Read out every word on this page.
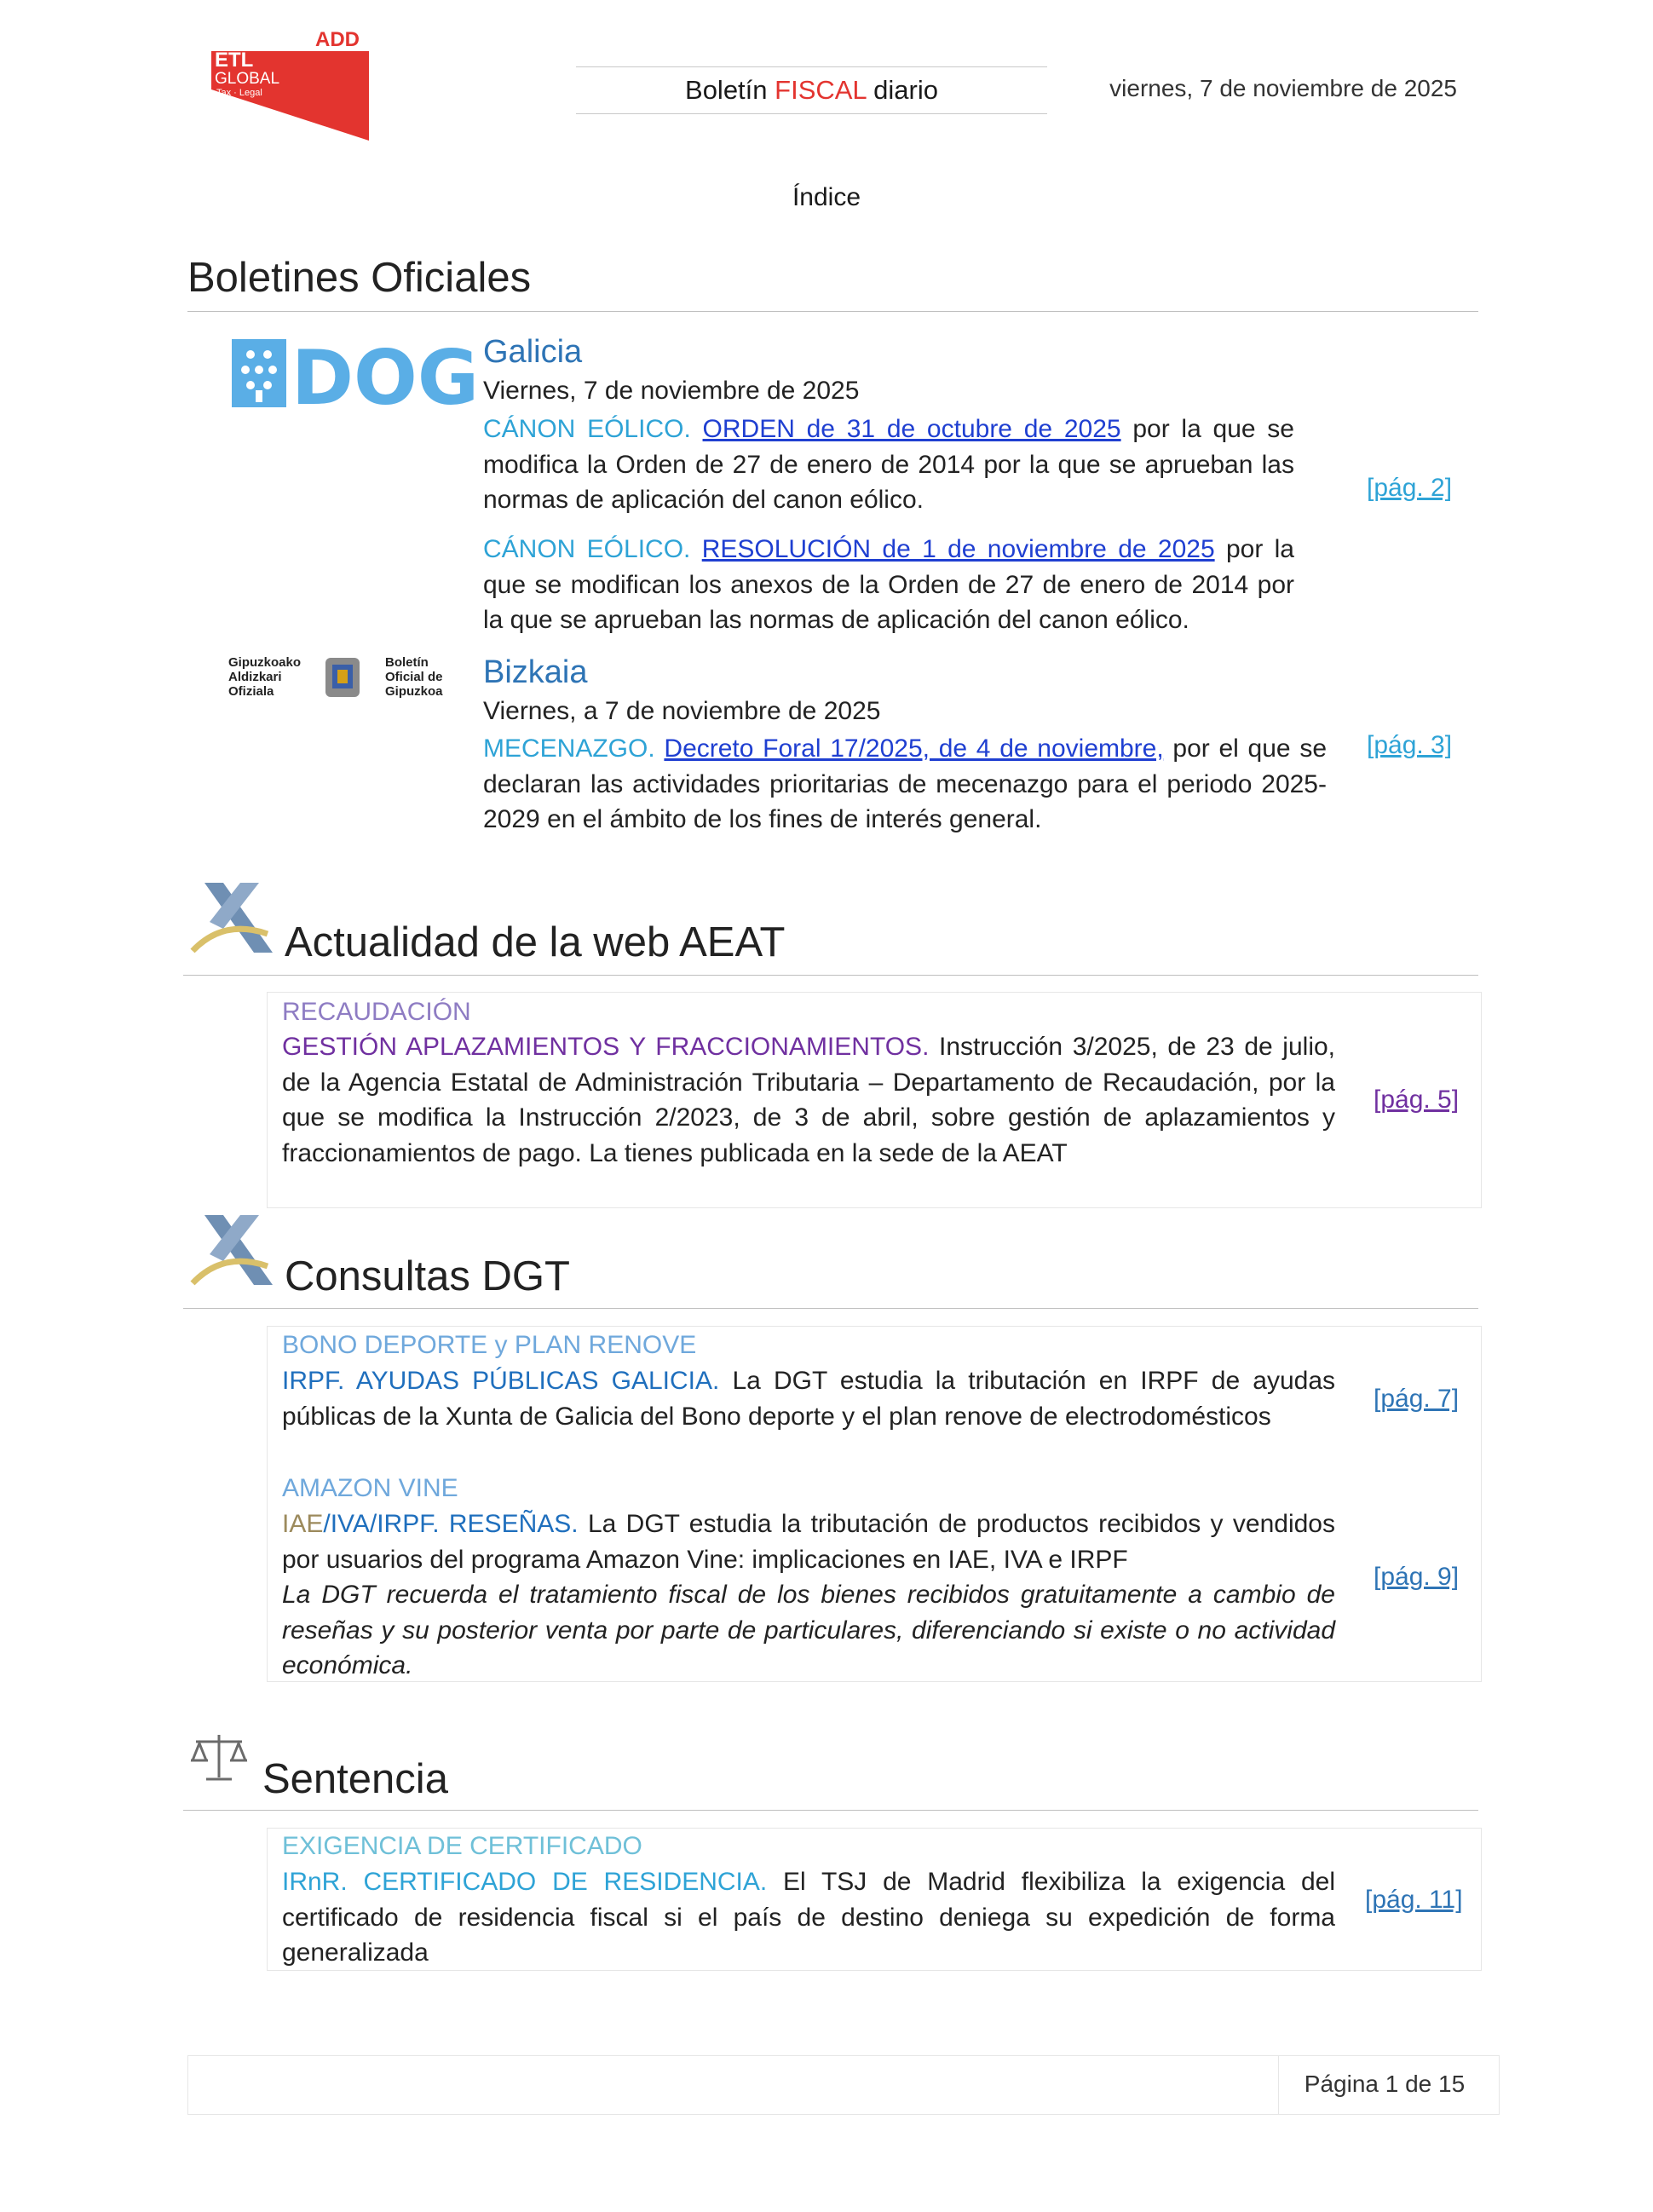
ADD
ETL
GLOBAL
Tax · Legal	Boletín FISCAL diario	viernes, 7 de noviembre de 2025
Índice
Boletines Oficiales
DOG Galicia
Viernes, 7 de noviembre de 2025
CÁNON EÓLICO. ORDEN de 31 de octubre de 2025 por la que se modifica la Orden de 27 de enero de 2014 por la que se aprueban las normas de aplicación del canon eólico.	[pág. 2]
CÁNON EÓLICO. RESOLUCIÓN de 1 de noviembre de 2025 por la que se modifican los anexos de la Orden de 27 de enero de 2014 por la que se aprueban las normas de aplicación del canon eólico.
Gipuzkoako
Aldizkari
Ofiziala
Boletín
Oficial de
Gipuzkoa
Bizkaia
Viernes, a 7 de noviembre de 2025
MECENAZGO. Decreto Foral 17/2025, de 4 de noviembre, por el que se declaran las actividades prioritarias de mecenazgo para el periodo 2025-2029 en el ámbito de los fines de interés general.
[pág. 3]
Actualidad de la web AEAT
RECAUDACIÓN
GESTIÓN APLAZAMIENTOS Y FRACCIONAMIENTOS. Instrucción 3/2025, de 23 de julio, de la Agencia Estatal de Administración Tributaria – Departamento de Recaudación, por la que se modifica la Instrucción 2/2023, de 3 de abril, sobre gestión de aplazamientos y fraccionamientos de pago. La tienes publicada en la sede de la AEAT
[pág. 5]
Consultas DGT
BONO DEPORTE y PLAN RENOVE
IRPF. AYUDAS PÚBLICAS GALICIA. La DGT estudia la tributación en IRPF de ayudas públicas de la Xunta de Galicia del Bono deporte y el plan renove de electrodomésticos
[pág. 7]
AMAZON VINE
IAE/IVA/IRPF. RESEÑAS. La DGT estudia la tributación de productos recibidos y vendidos por usuarios del programa Amazon Vine: implicaciones en IAE, IVA e IRPF
La DGT recuerda el tratamiento fiscal de los bienes recibidos gratuitamente a cambio de reseñas y su posterior venta por parte de particulares, diferenciando si existe o no actividad económica.
[pág. 9]
Sentencia
EXIGENCIA DE CERTIFICADO
IRnR. CERTIFICADO DE RESIDENCIA. El TSJ de Madrid flexibiliza la exigencia del certificado de residencia fiscal si el país de destino deniega su expedición de forma generalizada
[pág. 11]
Página 1 de 15
